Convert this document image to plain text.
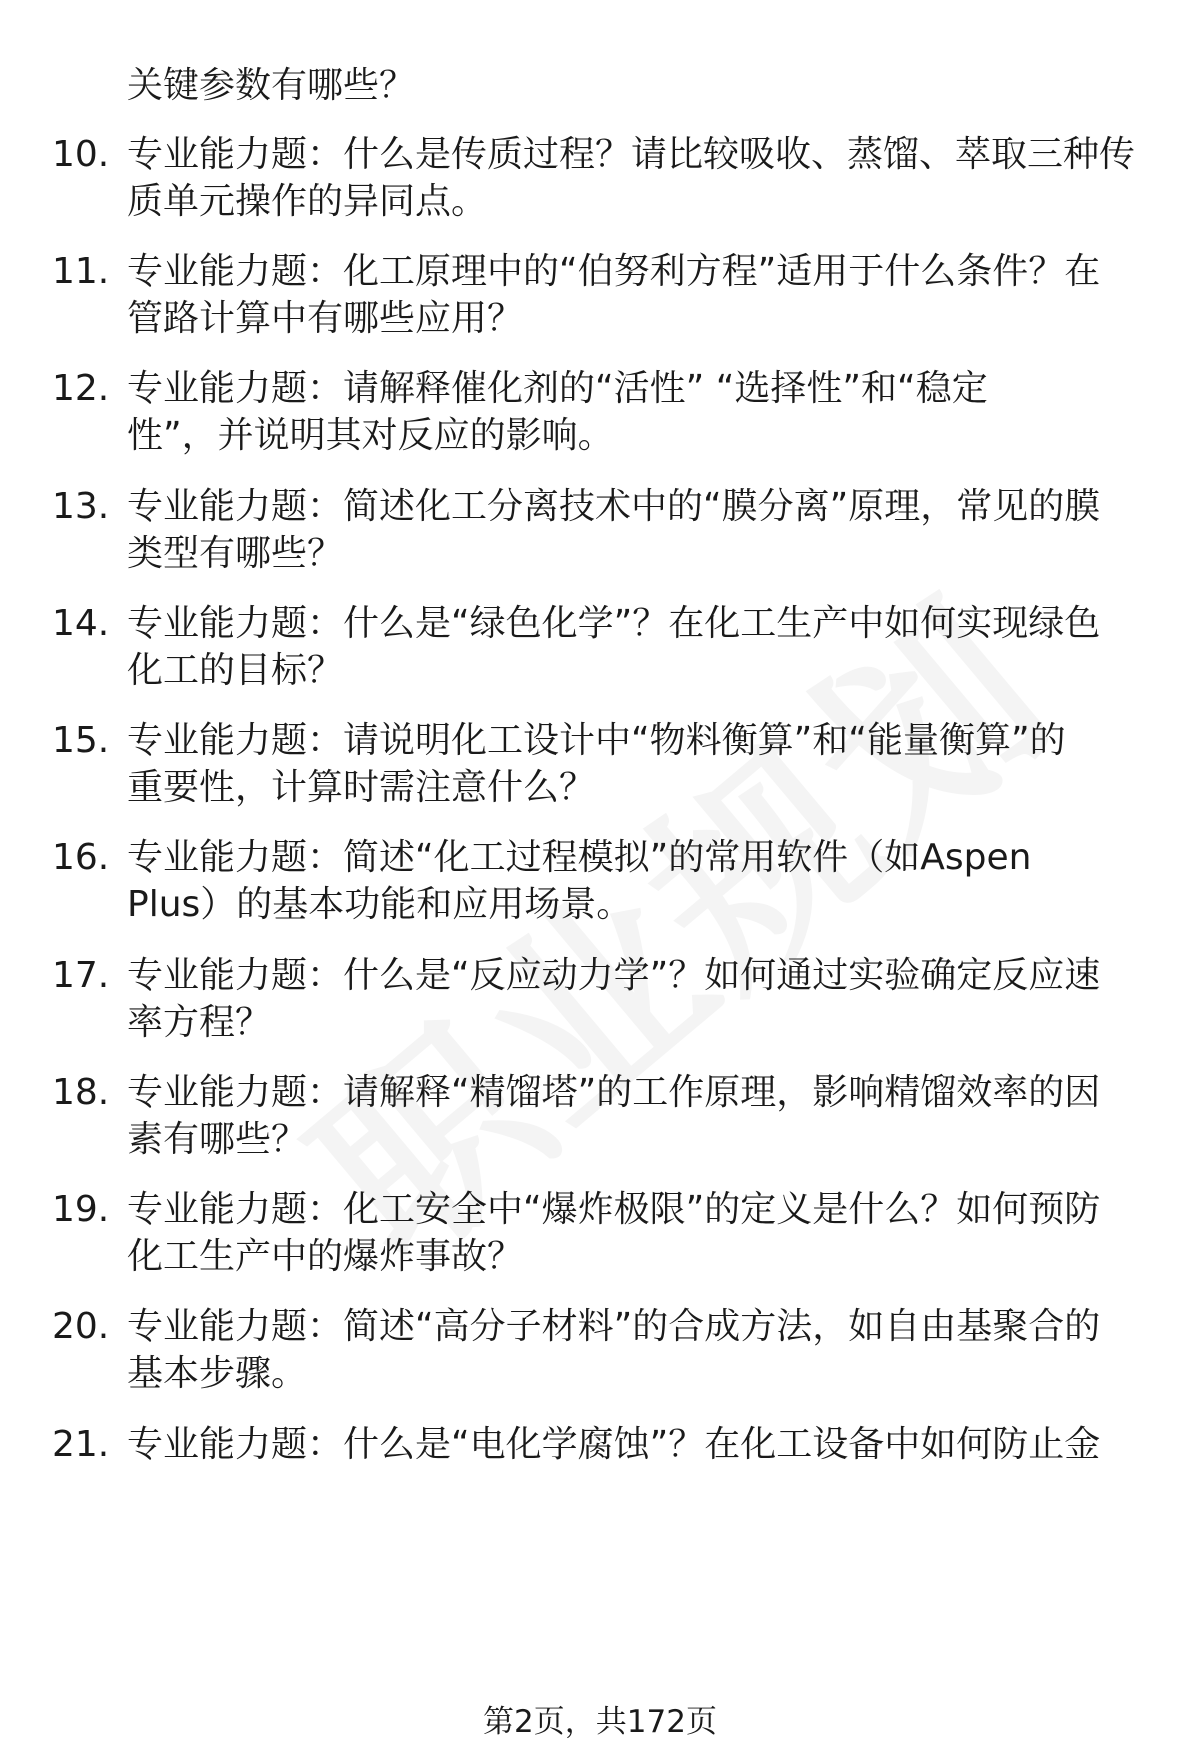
关键参数有哪些？
10. 专业能力题：什么是传质过程？请比较吸收、蒸馏、萃取三种传
质单元操作的异同点。
11. 专业能力题：化工原理中的“伯努利方程”适用于什么条件？在
管路计算中有哪些应用？
12. 专业能力题：请解释催化剂的“活性” “选择性”和“稳定
性”，并说明其对反应的影响。
13. 专业能力题：简述化工分离技术中的“膜分离”原理，常见的膜
类型有哪些？
14. 专业能力题：什么是“绿色化学”？在化工生产中如何实现绿色
化工的目标？
15. 专业能力题：请说明化工设计中“物料衡算”和“能量衡算”的
重要性，计算时需注意什么？
16. 专业能力题：简述“化工过程模拟”的常用软件（如Aspen
Plus）的基本功能和应用场景。
17. 专业能力题：什么是“反应动力学”？如何通过实验确定反应速
率方程？
18. 专业能力题：请解释“精馏塔”的工作原理，影响精馏效率的因
素有哪些？
19. 专业能力题：化工安全中“爆炸极限”的定义是什么？如何预防
化工生产中的爆炸事故？
20. 专业能力题：简述“高分子材料”的合成方法，如自由基聚合的
基本步骤。
21. 专业能力题：什么是“电化学腐蚀”？在化工设备中如何防止金
第2页，共172页
